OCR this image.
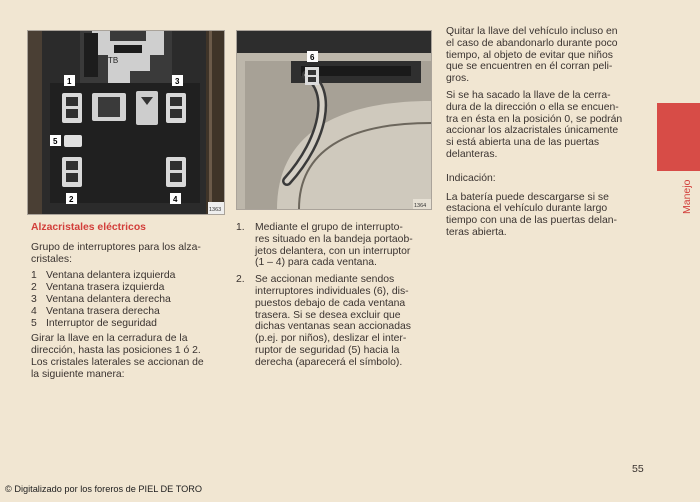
TB
1	3
5
2	4
1363
6
1364
Alzacristales eléctricos

Grupo de interruptores para los alza-
cristales:

1 Ventana delantera izquierda
2 Ventana trasera izquierda
3 Ventana delantera derecha
4 Ventana trasera derecha
5 Interruptor de seguridad

Girar la llave en la cerradura de la
dirección, hasta las posiciones 1 ó 2.
Los cristales laterales se accionan de
la siguiente manera:

1. Mediante el grupo de interrupto-
res situado en la bandeja portaob-
jetos delantera, con un interruptor
(1 – 4) para cada ventana.
2. Se accionan mediante sendos
interruptores individuales (6), dis-
puestos debajo de cada ventana
trasera. Si se desea excluir que
dichas ventanas sean accionadas
(p.ej. por niños), deslizar el inter-
ruptor de seguridad (5) hacia la
derecha (aparecerá el símbolo).

Quitar la llave del vehículo incluso en
el caso de abandonarlo durante poco
tiempo, al objeto de evitar que niños
que se encuentren en él corran peli-
gros.

Si se ha sacado la llave de la cerra-
dura de la dirección o ella se encuen-
tra en ésta en la posición 0, se podrán
accionar los alzacristales únicamente
si está abierta una de las puertas
delanteras.

Indicación:

La batería puede descargarse si se
estaciona el vehículo durante largo
tiempo con una de las puertas delan-
teras abierta.

Manejo
55
© Digitalizado por los foreros de PIEL DE TORO
